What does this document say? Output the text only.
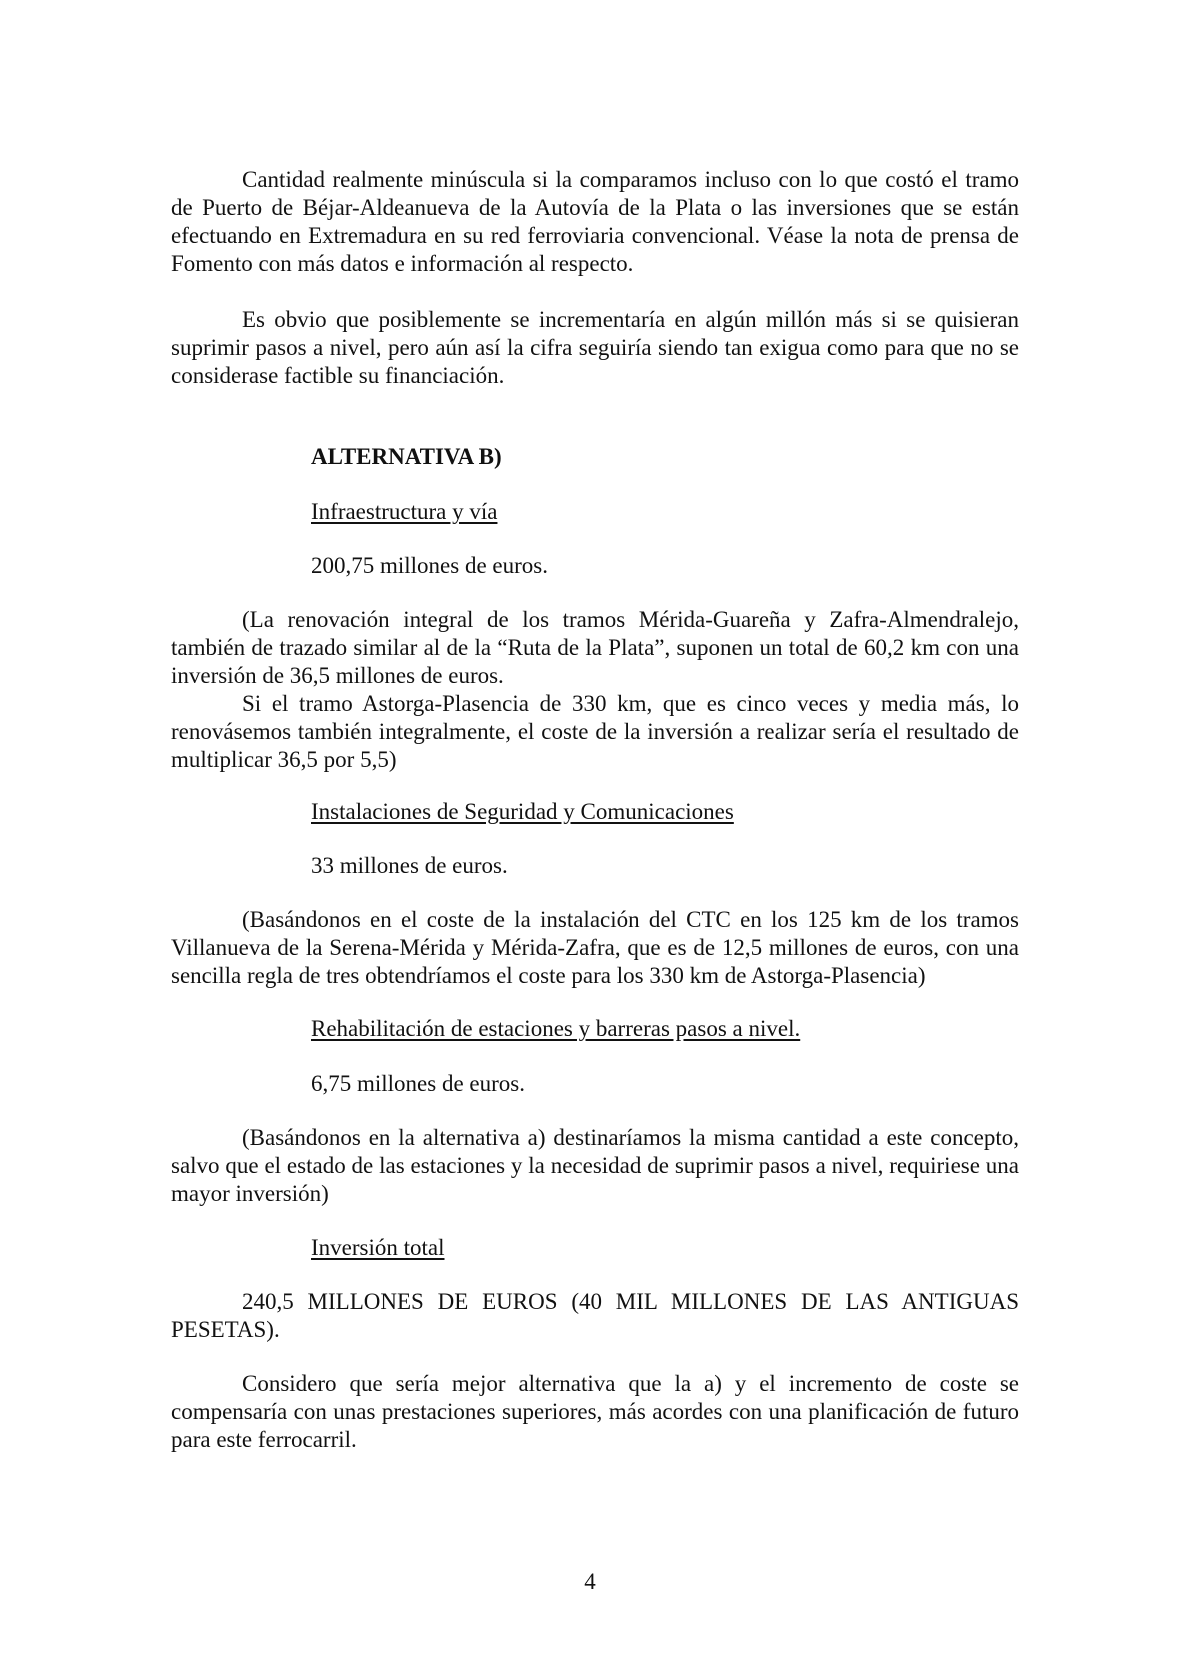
Cantidad realmente minúscula si la comparamos incluso con lo que costó el tramo de Puerto de Béjar-Aldeanueva de la Autovía de la Plata o las inversiones que se están efectuando en Extremadura en su red ferroviaria convencional. Véase la nota de prensa de Fomento con más datos e información al respecto.

Es obvio que posiblemente se incrementaría en algún millón más si se quisieran suprimir pasos a nivel, pero aún así la cifra seguiría siendo tan exigua como para que no se considerase factible su financiación.

ALTERNATIVA B)

Infraestructura y vía

200,75 millones de euros.

(La renovación integral de los tramos Mérida-Guareña y Zafra-Almendralejo, también de trazado similar al de la “Ruta de la Plata”, suponen un total de 60,2 km con una inversión de 36,5 millones de euros.

Si el tramo Astorga-Plasencia de 330 km, que es cinco veces y media más, lo renovásemos también integralmente, el coste de la inversión a realizar sería el resultado de multiplicar 36,5 por 5,5)

Instalaciones de Seguridad y Comunicaciones

33 millones de euros.

(Basándonos en el coste de la instalación del CTC en los 125 km de los tramos Villanueva de la Serena-Mérida y Mérida-Zafra, que es de 12,5 millones de euros, con una sencilla regla de tres obtendríamos el coste para los 330 km de Astorga-Plasencia)

Rehabilitación de estaciones y barreras pasos a nivel.

6,75 millones de euros.

(Basándonos en la alternativa a) destinaríamos la misma cantidad a este concepto, salvo que el estado de las estaciones y la necesidad de suprimir pasos a nivel, requiriese una mayor inversión)

Inversión total

240,5 MILLONES DE EUROS (40 MIL MILLONES DE LAS ANTIGUAS PESETAS).

Considero que sería mejor alternativa que la a) y el incremento de coste se compensaría con unas prestaciones superiores, más acordes con una planificación de futuro para este ferrocarril.

4
